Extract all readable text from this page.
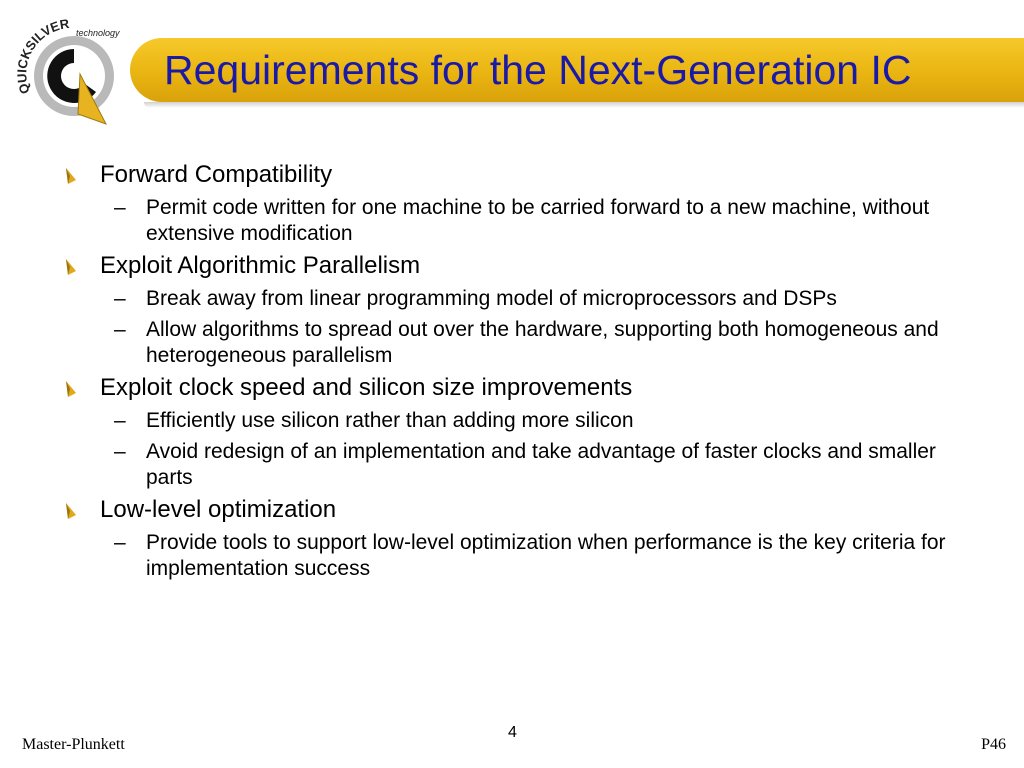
QUICKSILVER
technology
Requirements for the Next-Generation IC
Forward Compatibility
– Permit code written for one machine to be carried forward to a new machine, without extensive modification
Exploit Algorithmic Parallelism
– Break away from linear programming model of microprocessors and DSPs
– Allow algorithms to spread out over the hardware, supporting both homogeneous and heterogeneous parallelism
Exploit clock speed and silicon size improvements
– Efficiently use silicon rather than adding more silicon
– Avoid redesign of an implementation and take advantage of faster clocks and smaller parts
Low-level optimization
– Provide tools to support low-level optimization when performance is the key criteria for implementation success
4
Master-Plunkett	P46
